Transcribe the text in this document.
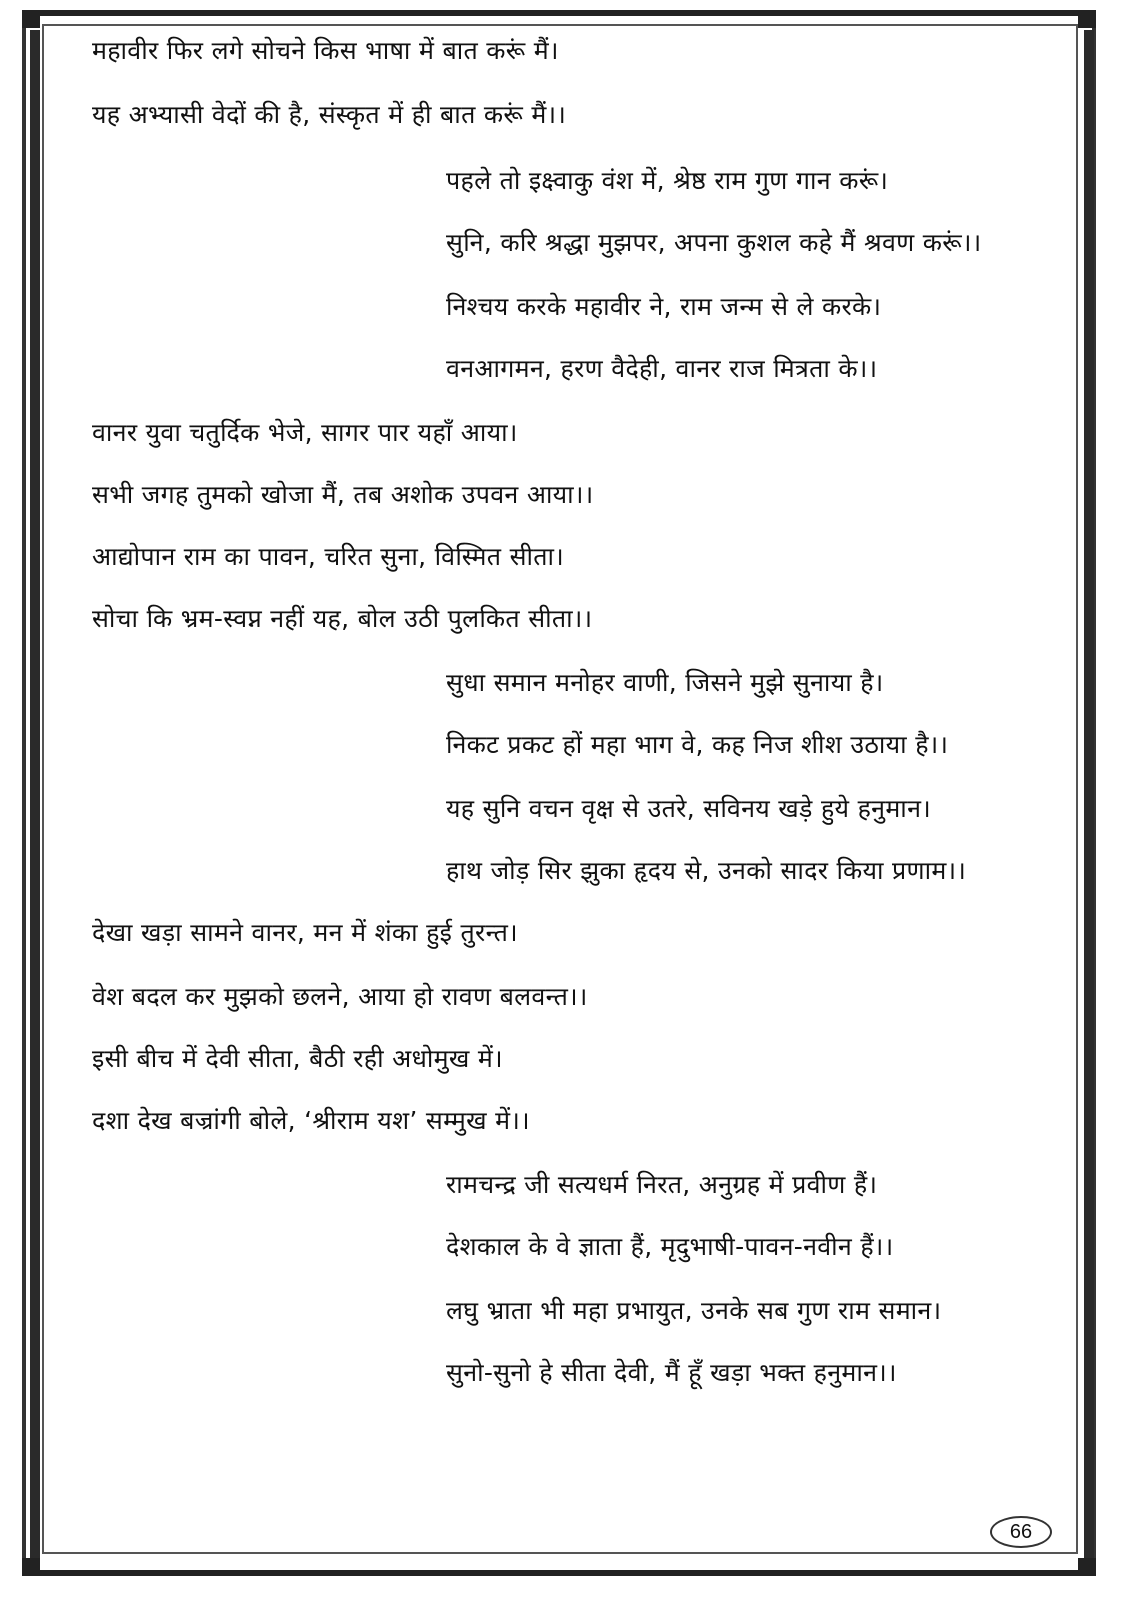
महावीर फिर लगे सोचने किस भाषा में बात करूं मैं।
यह अभ्यासी वेदों की है, संस्कृत में ही बात करूं मैं।।
पहले तो इक्ष्वाकु वंश में, श्रेष्ठ राम गुण गान करूं।
सुनि, करि श्रद्धा मुझपर, अपना कुशल कहे मैं श्रवण करूं।।
निश्चय करके महावीर ने, राम जन्म से ले करके।
वनआगमन, हरण वैदेही, वानर राज मित्रता के।।
वानर युवा चतुर्दिक भेजे, सागर पार यहाँ आया।
सभी जगह तुमको खोजा मैं, तब अशोक उपवन आया।।
आद्योपान राम का पावन, चरित सुना, विस्मित सीता।
सोचा कि भ्रम-स्वप्न नहीं यह, बोल उठी पुलकित सीता।।
सुधा समान मनोहर वाणी, जिसने मुझे सुनाया है।
निकट प्रकट हों महा भाग वे, कह निज शीश उठाया है।।
यह सुनि वचन वृक्ष से उतरे, सविनय खड़े हुये हनुमान।
हाथ जोड़ सिर झुका हृदय से, उनको सादर किया प्रणाम।।
देखा खड़ा सामने वानर, मन में शंका हुई तुरन्त।
वेश बदल कर मुझको छलने, आया हो रावण बलवन्त।।
इसी बीच में देवी सीता, बैठी रही अधोमुख में।
दशा देख बज्रांगी बोले, ‘श्रीराम यश’ सम्मुख में।।
रामचन्द्र जी सत्यधर्म निरत, अनुग्रह में प्रवीण हैं।
देशकाल के वे ज्ञाता हैं, मृदुभाषी-पावन-नवीन हैं।।
लघु भ्राता भी महा प्रभायुत, उनके सब गुण राम समान।
सुनो-सुनो हे सीता देवी, मैं हूँ खड़ा भक्त हनुमान।।
66
